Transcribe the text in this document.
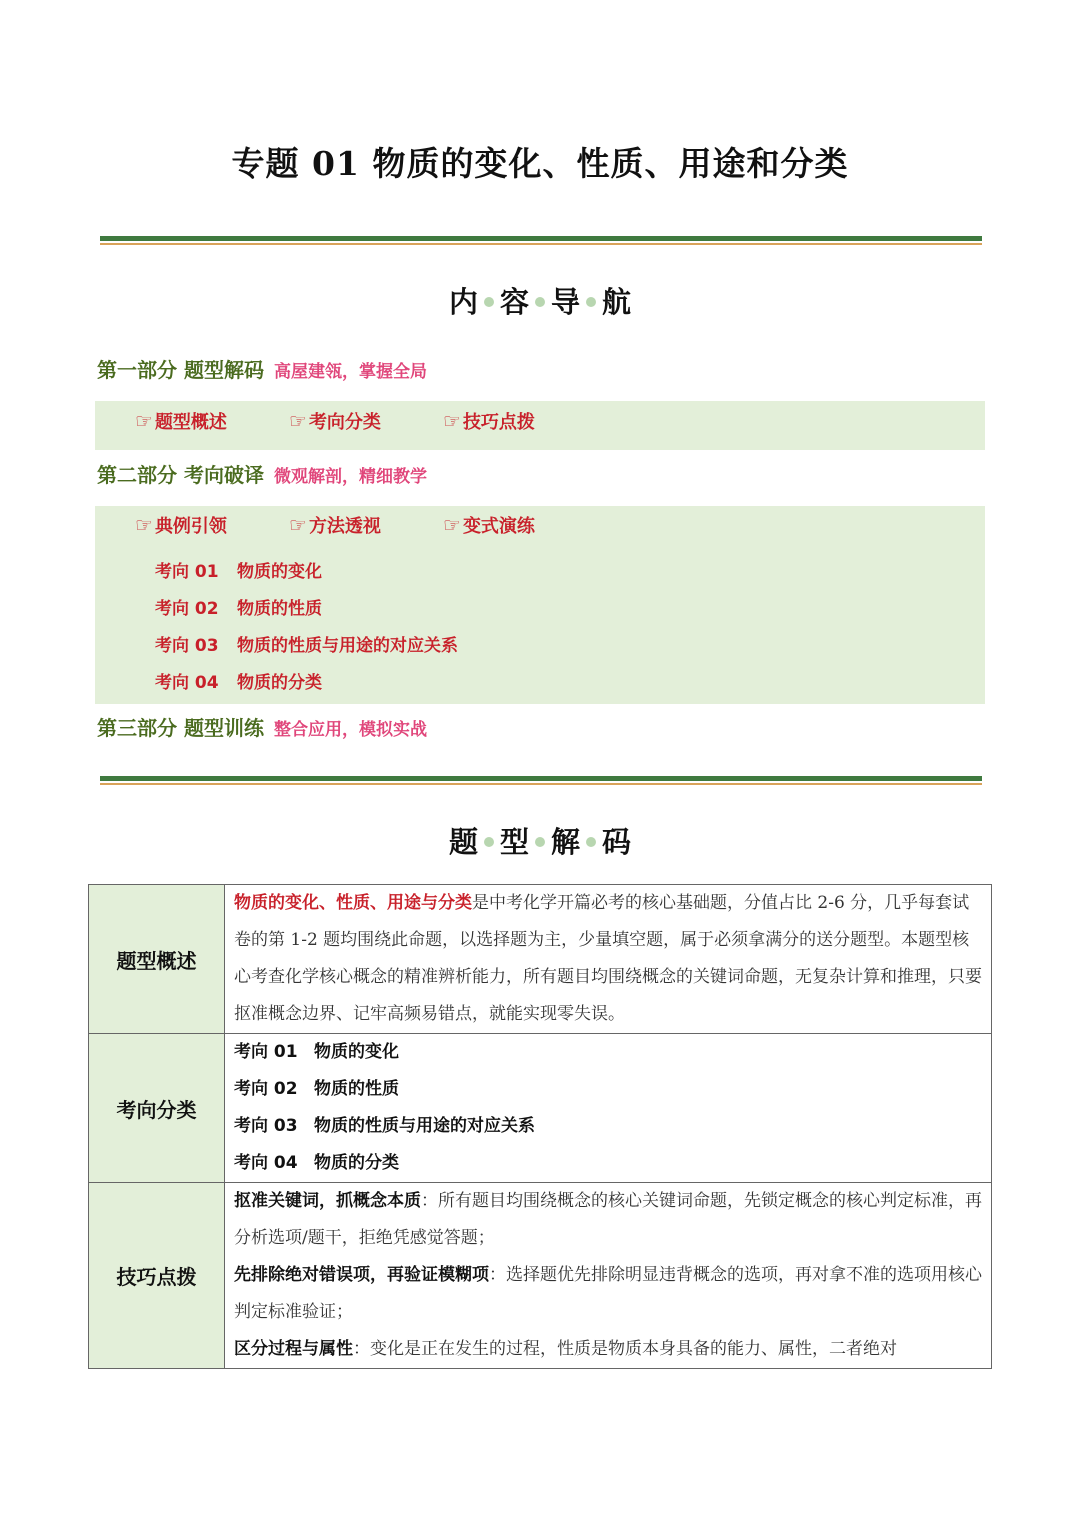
专题 01 物质的变化、性质、用途和分类
内 容 导 航
第一部分 题型解码 高屋建瓴，掌握全局
☞ 题型概述	☞ 考向分类	☞ 技巧点拨
第二部分 考向破译 微观解剖，精细教学
☞ 典例引领	☞ 方法透视	☞ 变式演练
考向 01 物质的变化
考向 02 物质的性质
考向 03 物质的性质与用途的对应关系
考向 04 物质的分类
第三部分 题型训练 整合应用，模拟实战
题 型 解 码
题型概述	物质的变化、性质、用途与分类是中考化学开篇必考的核心基础题，分值占比 2-6 分，几乎每套试卷的第 1-2 题均围绕此命题，以选择题为主，少量填空题，属于必须拿满分的送分题型。本题型核心考查化学核心概念的精准辨析能力，所有题目均围绕概念的关键词命题，无复杂计算和推理，只要抠准概念边界、记牢高频易错点，就能实现零失误。
考向分类	考向 01 物质的变化
考向 02 物质的性质
考向 03 物质的性质与用途的对应关系
考向 04 物质的分类

技巧点拨	抠准关键词，抓概念本质：所有题目均围绕概念的核心关键词命题，先锁定概念的核心判定标准，再分析选项/题干，拒绝凭感觉答题；
先排除绝对错误项，再验证模糊项：选择题优先排除明显违背概念的选项，再对拿不准的选项用核心判定标准验证；
区分过程与属性：变化是正在发生的过程，性质是物质本身具备的能力、属性，二者绝对
